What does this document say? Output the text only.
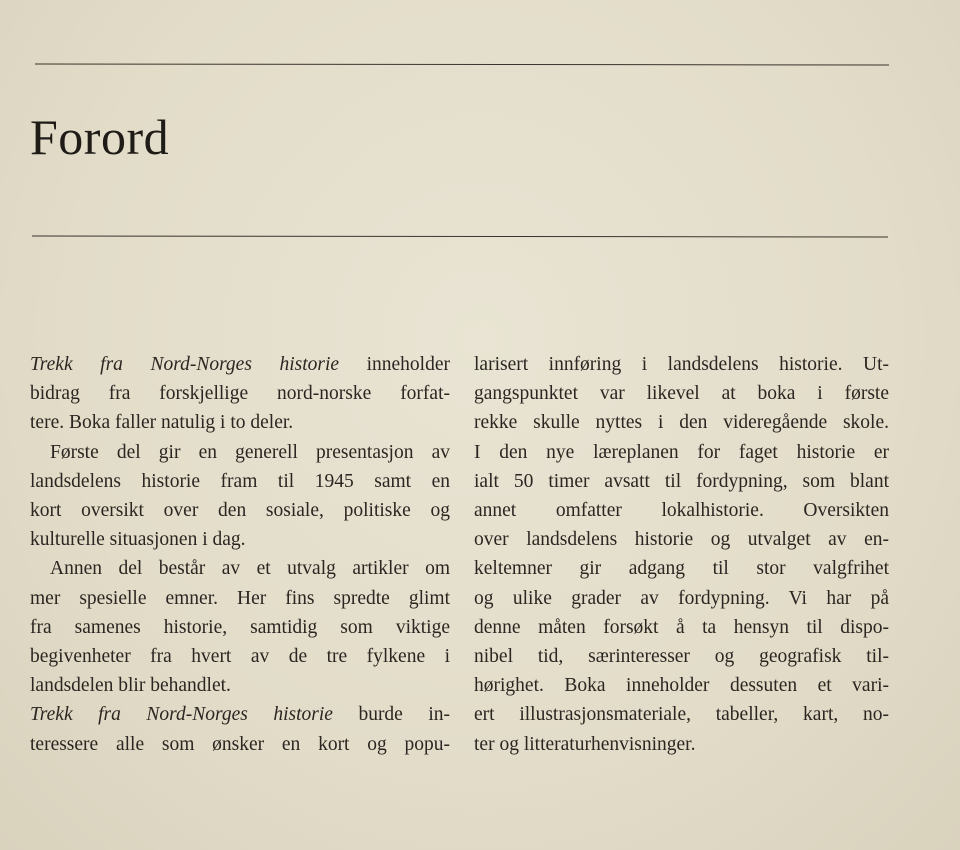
Forord
Trekk fra Nord-Norges historie inneholder
bidrag fra forskjellige nord-norske forfat-
tere. Boka faller natulig i to deler.
Første del gir en generell presentasjon av
landsdelens historie fram til 1945 samt en
kort oversikt over den sosiale, politiske og
kulturelle situasjonen i dag.
Annen del består av et utvalg artikler om
mer spesielle emner. Her fins spredte glimt
fra samenes historie, samtidig som viktige
begivenheter fra hvert av de tre fylkene i
landsdelen blir behandlet.
Trekk fra Nord-Norges historie burde in-
teressere alle som ønsker en kort og popu-
larisert innføring i landsdelens historie. Ut-
gangspunktet var likevel at boka i første
rekke skulle nyttes i den videregående skole.
I den nye læreplanen for faget historie er
ialt 50 timer avsatt til fordypning, som blant
annet omfatter lokalhistorie. Oversikten
over landsdelens historie og utvalget av en-
keltemner gir adgang til stor valgfrihet
og ulike grader av fordypning. Vi har på
denne måten forsøkt å ta hensyn til dispo-
nibel tid, særinteresser og geografisk til-
hørighet. Boka inneholder dessuten et vari-
ert illustrasjonsmateriale, tabeller, kart, no-
ter og litteraturhenvisninger.
